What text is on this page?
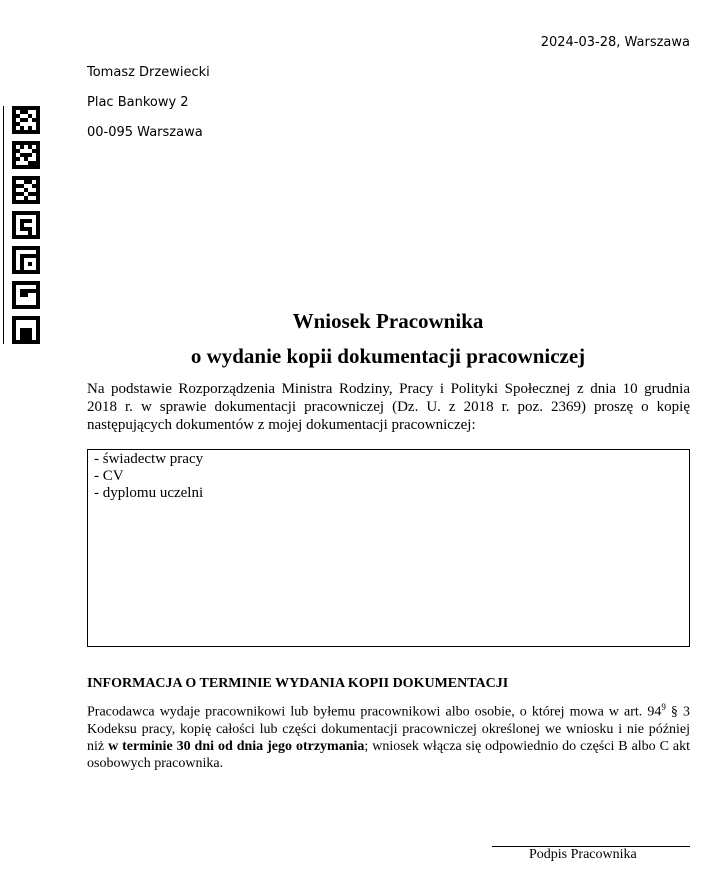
2024-03-28, Warszawa
Tomasz Drzewiecki
Plac Bankowy 2
00-095 Warszawa
Wniosek Pracownika
o wydanie kopii dokumentacji pracowniczej
Na podstawie Rozporządzenia Ministra Rodziny, Pracy i Polityki Społecznej z dnia 10 grudnia 2018 r. w sprawie dokumentacji pracowniczej (Dz. U. z 2018 r. poz. 2369) proszę o kopię następujących dokumentów z mojej dokumentacji pracowniczej:
- świadectw pracy
- CV
- dyplomu uczelni
INFORMACJA O TERMINIE WYDANIA KOPII DOKUMENTACJI
Pracodawca wydaje pracownikowi lub byłemu pracownikowi albo osobie, o której mowa w art. $94^9$ § 3 Kodeksu pracy, kopię całości lub części dokumentacji pracowniczej określonej we wniosku i nie później niż w terminie 30 dni od dnia jego otrzymania; wniosek włącza się odpowiednio do części B albo C akt osobowych pracownika.
Podpis Pracownika
